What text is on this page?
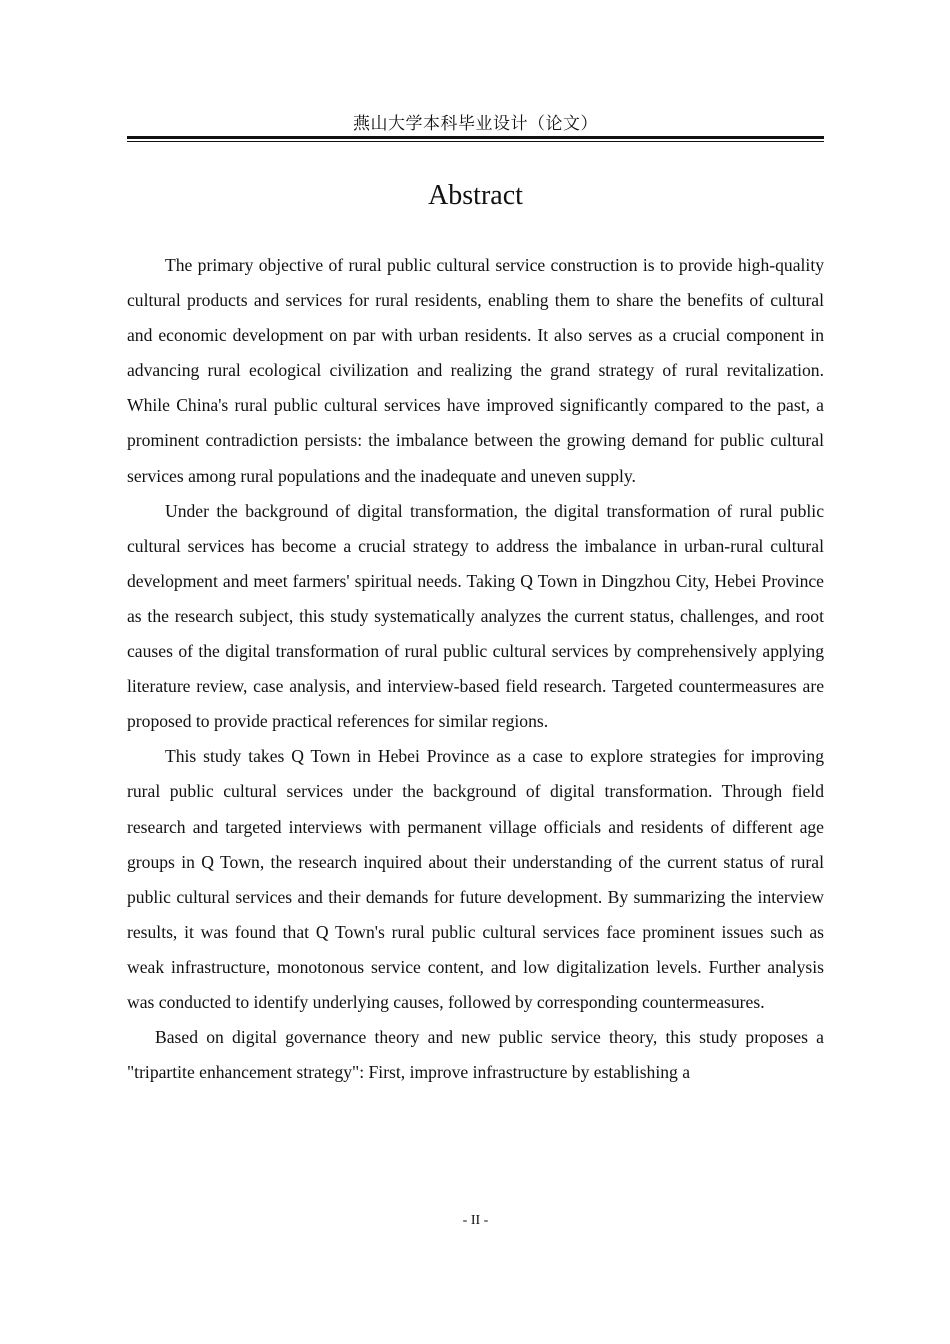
燕山大学本科毕业设计（论文）
Abstract

The primary objective of rural public cultural service construction is to provide high-quality cultural products and services for rural residents, enabling them to share the benefits of cultural and economic development on par with urban residents. It also serves as a crucial component in advancing rural ecological civilization and realizing the grand strategy of rural revitalization. While China's rural public cultural services have improved significantly compared to the past, a prominent contradiction persists: the imbalance between the growing demand for public cultural services among rural populations and the inadequate and uneven supply.

Under the background of digital transformation, the digital transformation of rural public cultural services has become a crucial strategy to address the imbalance in urban-rural cultural development and meet farmers' spiritual needs. Taking Q Town in Dingzhou City, Hebei Province as the research subject, this study systematically analyzes the current status, challenges, and root causes of the digital transformation of rural public cultural services by comprehensively applying literature review, case analysis, and interview-based field research. Targeted countermeasures are proposed to provide practical references for similar regions.

This study takes Q Town in Hebei Province as a case to explore strategies for improving rural public cultural services under the background of digital transformation. Through field research and targeted interviews with permanent village officials and residents of different age groups in Q Town, the research inquired about their understanding of the current status of rural public cultural services and their demands for future development. By summarizing the interview results, it was found that Q Town's rural public cultural services face prominent issues such as weak infrastructure, monotonous service content, and low digitalization levels. Further analysis was conducted to identify underlying causes, followed by corresponding countermeasures.

Based on digital governance theory and new public service theory, this study proposes a "tripartite enhancement strategy": First, improve infrastructure by establishing a

- II -
